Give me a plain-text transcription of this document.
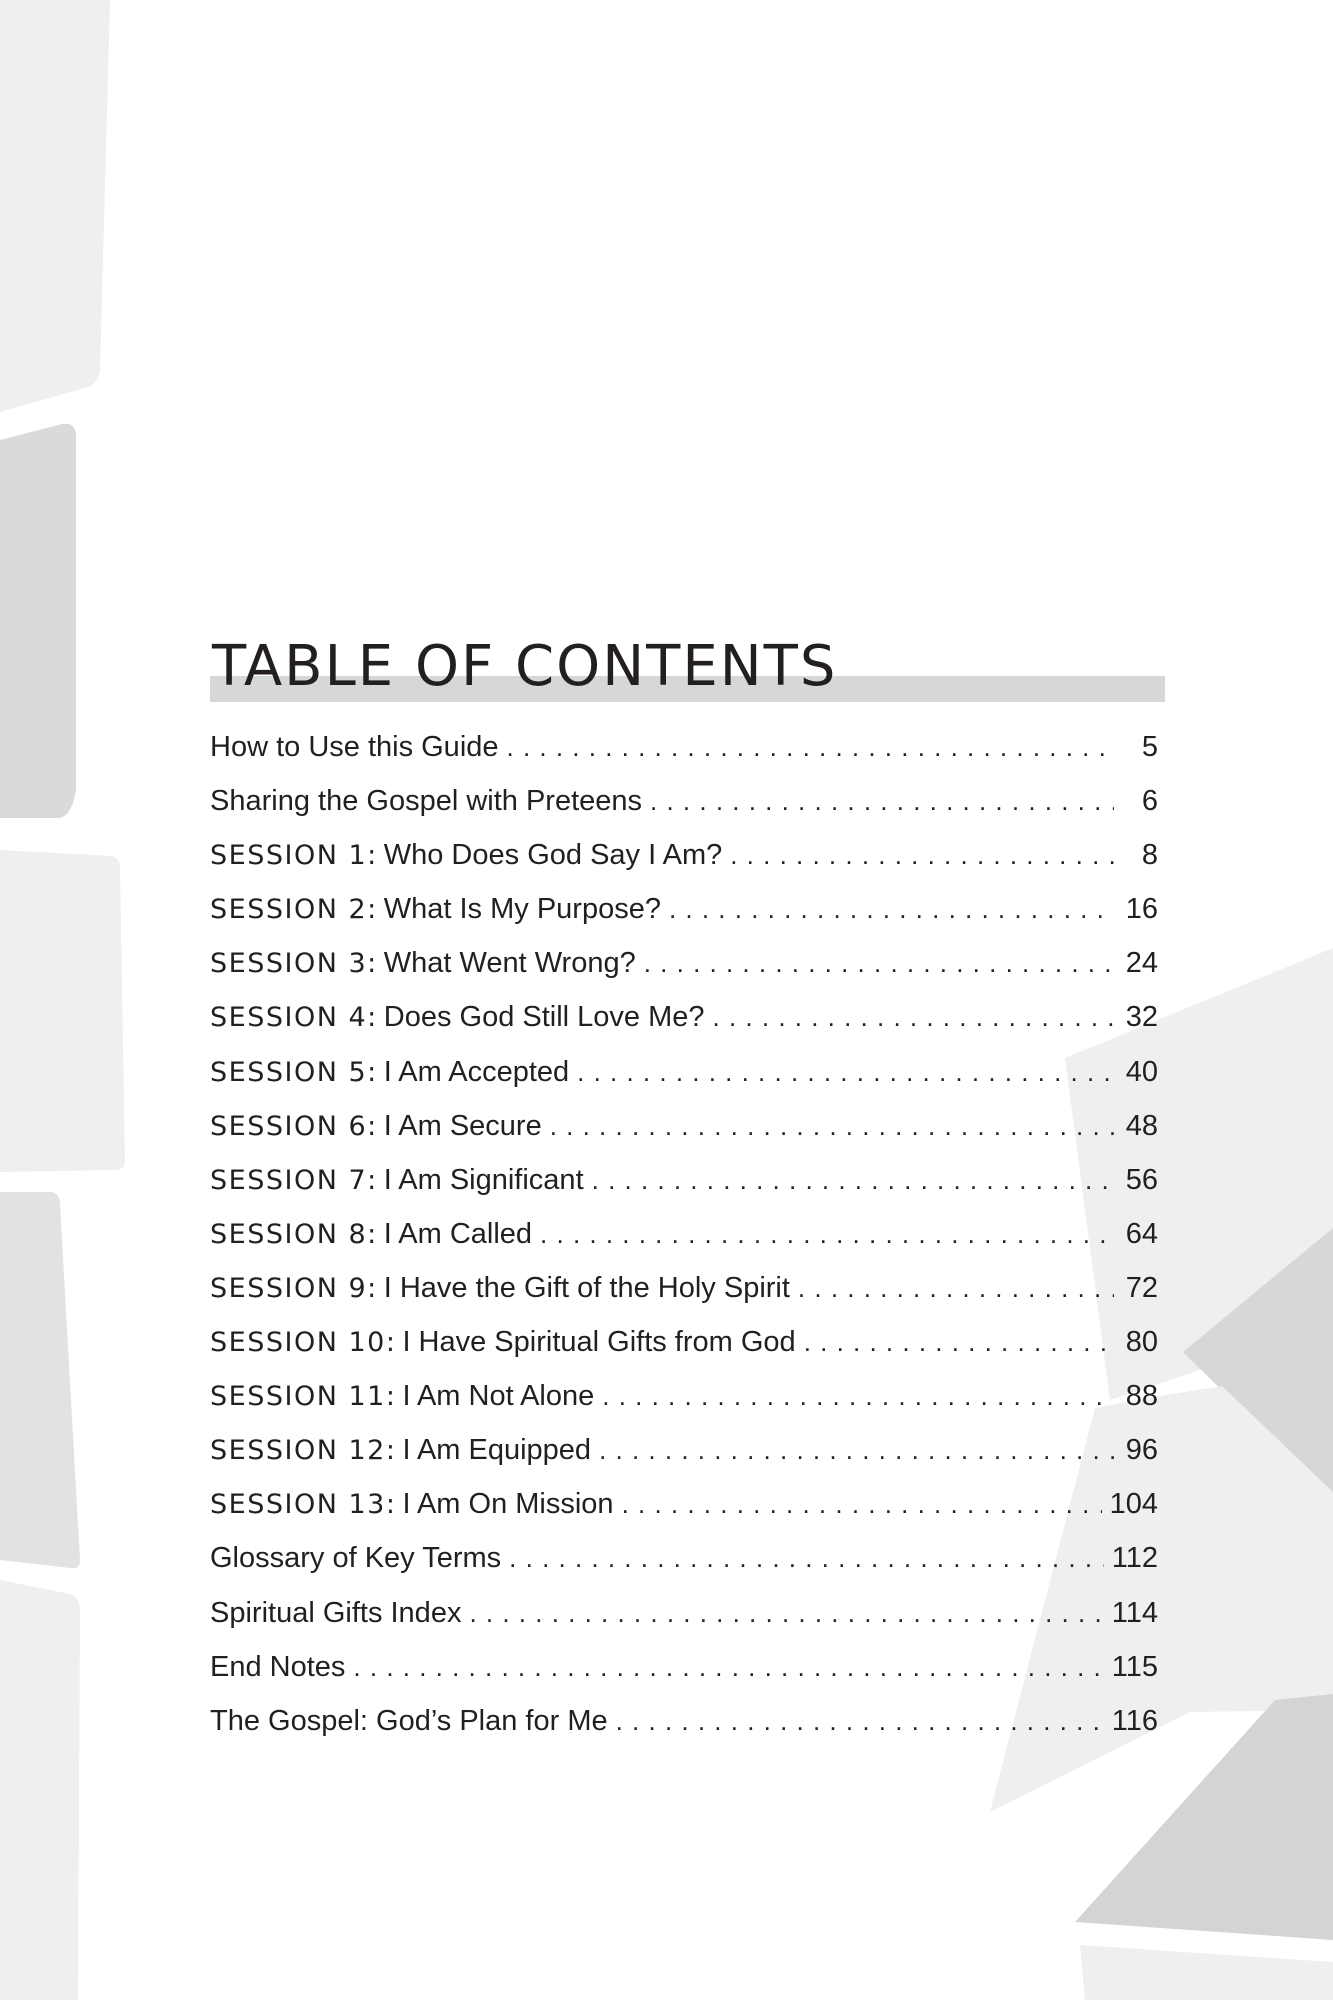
TABLE OF CONTENTS
How to Use this Guide . . .	5
Sharing the Gospel with Preteens . . .	6
SESSION 1: Who Does God Say I Am? . . .	8
SESSION 2: What Is My Purpose? . . .	16
SESSION 3: What Went Wrong? . . .	24
SESSION 4: Does God Still Love Me? . . .	32
SESSION 5: I Am Accepted . . .	40
SESSION 6: I Am Secure . . .	48
SESSION 7: I Am Significant . . .	56
SESSION 8: I Am Called . . .	64
SESSION 9: I Have the Gift of the Holy Spirit . . .	72
SESSION 10: I Have Spiritual Gifts from God . . .	80
SESSION 11: I Am Not Alone . . .	88
SESSION 12: I Am Equipped . . .	96
SESSION 13: I Am On Mission . . .	104
Glossary of Key Terms . . .	112
Spiritual Gifts Index . . .	114
End Notes . . .	115
The Gospel: God’s Plan for Me . . .	116
